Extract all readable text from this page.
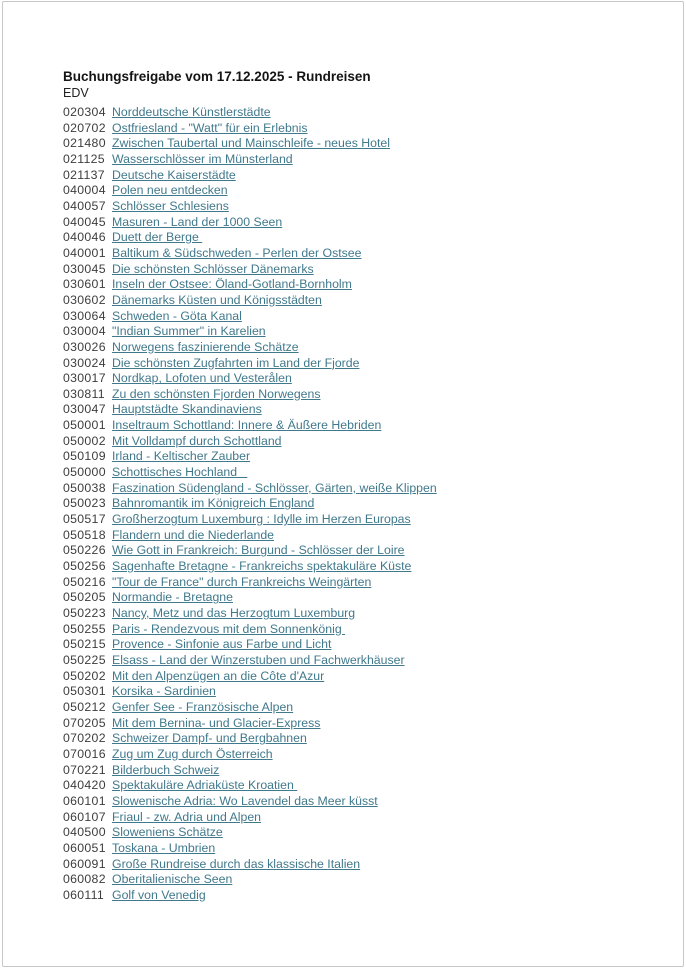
Buchungsfreigabe vom 17.12.2025 - Rundreisen
EDV
020304 Norddeutsche Künstlerstädte
020702 Ostfriesland - "Watt" für ein Erlebnis
021480 Zwischen Taubertal und Mainschleife - neues Hotel
021125 Wasserschlösser im Münsterland
021137 Deutsche Kaiserstädte
040004 Polen neu entdecken
040057 Schlösser Schlesiens
040045 Masuren - Land der 1000 Seen
040046 Duett der Berge
040001 Baltikum & Südschweden - Perlen der Ostsee
030045 Die schönsten Schlösser Dänemarks
030601 Inseln der Ostsee: Öland-Gotland-Bornholm
030602 Dänemarks Küsten und Königsstädten
030064 Schweden - Göta Kanal
030004 "Indian Summer" in Karelien
030026 Norwegens faszinierende Schätze
030024 Die schönsten Zugfahrten im Land der Fjorde
030017 Nordkap, Lofoten und Vesterålen
030811 Zu den schönsten Fjorden Norwegens
030047 Hauptstädte Skandinaviens
050001 Inseltraum Schottland: Innere & Äußere Hebriden
050002 Mit Volldampf durch Schottland
050109 Irland - Keltischer Zauber
050000 Schottisches Hochland
050038 Faszination Südengland - Schlösser, Gärten, weiße Klippen
050023 Bahnromantik im Königreich England
050517 Großherzogtum Luxemburg : Idylle im Herzen Europas
050518 Flandern und die Niederlande
050226 Wie Gott in Frankreich: Burgund - Schlösser der Loire
050256 Sagenhafte Bretagne - Frankreichs spektakuläre Küste
050216 "Tour de France" durch Frankreichs Weingärten
050205 Normandie - Bretagne
050223 Nancy, Metz und das Herzogtum Luxemburg
050255 Paris - Rendezvous mit dem Sonnenkönig
050215 Provence - Sinfonie aus Farbe und Licht
050225 Elsass - Land der Winzerstuben und Fachwerkhäuser
050202 Mit den Alpenzügen an die Côte d'Azur
050301 Korsika - Sardinien
050212 Genfer See - Französische Alpen
070205 Mit dem Bernina- und Glacier-Express
070202 Schweizer Dampf- und Bergbahnen
070016 Zug um Zug durch Österreich
070221 Bilderbuch Schweiz
040420 Spektakuläre Adriaküste Kroatien
060101 Slowenische Adria: Wo Lavendel das Meer küsst
060107 Friaul - zw. Adria und Alpen
040500 Sloweniens Schätze
060051 Toskana - Umbrien
060091 Große Rundreise durch das klassische Italien
060082 Oberitalienische Seen
060111 Golf von Venedig
